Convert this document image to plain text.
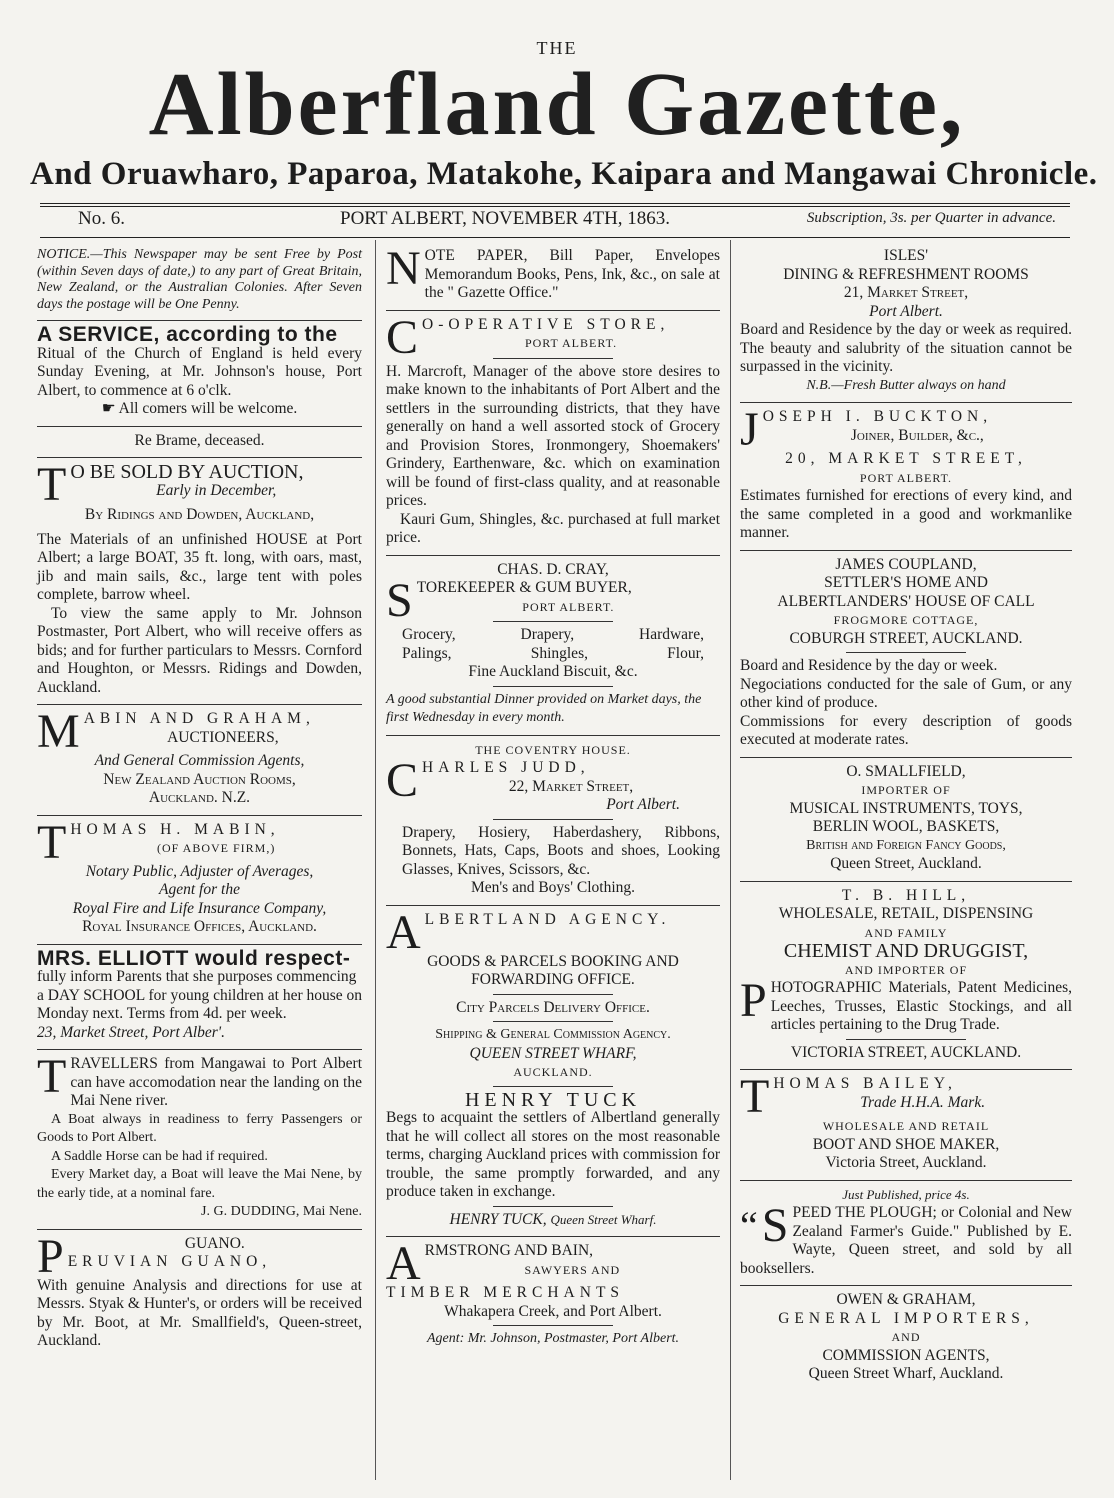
THE
Alberfland Gazette,
And Oruawharo, Paparoa, Matakohe, Kaipara and Mangawai Chronicle.
No. 6.	PORT ALBERT, NOVEMBER 4TH, 1863.	Subscription, 3s. per Quarter in advance.

NOTICE.—This Newspaper may be sent Free by Post (within Seven days of date,) to any part of Great Britain, New Zealand, or the Australian Colonies. After Seven days the postage will be One Penny.

A SERVICE, according to the

Ritual of the Church of England is held every Sunday Evening, at Mr. Johnson's house, Port Albert, to commence at 6 o'clk.

☛ All comers will be welcome.

Re Brame, deceased.

T O BE SOLD BY AUCTION,

Early in December,

By Ridings and Dowden, Auckland,

The Materials of an unfinished HOUSE at Port Albert; a large BOAT, 35 ft. long, with oars, mast, jib and main sails, &c., large tent with poles complete, barrow wheel.

To view the same apply to Mr. Johnson Postmaster, Port Albert, who will receive offers as bids; and for further particulars to Messrs. Cornford and Houghton, or Messrs. Ridings and Dowden, Auckland.

M ABIN AND GRAHAM,

AUCTIONEERS,

And General Commission Agents,

New Zealand Auction Rooms,

Auckland. N.Z.

T HOMAS H. MABIN,

(OF ABOVE FIRM,)

Notary Public, Adjuster of Averages,

Agent for the

Royal Fire and Life Insurance Company,

Royal Insurance Offices, Auckland.

MRS. ELLIOTT would respect-

fully inform Parents that she purposes commencing a DAY SCHOOL for young children at her house on Monday next. Terms from 4d. per week.

23, Market Street, Port Alber'.

T RAVELLERS from Mangawai to Port Albert can have accomodation near the landing on the Mai Nene river.

A Boat always in readiness to ferry Passengers or Goods to Port Albert.

A Saddle Horse can be had if required.

Every Market day, a Boat will leave the Mai Nene, by the early tide, at a nominal fare.

J. G. DUDDING, Mai Nene.

P	GUANO.

ERUVIAN GUANO,

With genuine Analysis and directions for use at Messrs. Styak & Hunter's, or orders will be received by Mr. Boot, at Mr. Smallfield's, Queen-street, Auckland.

N OTE PAPER, Bill Paper, Envelopes Memorandum Books, Pens, Ink, &c., on sale at the " Gazette Office."

C O-OPERATIVE STORE,

PORT ALBERT.

H. Marcroft, Manager of the above store desires to make known to the inhabitants of Port Albert and the settlers in the surrounding districts, that they have generally on hand a well assorted stock of Grocery and Provision Stores, Ironmongery, Shoemakers' Grindery, Earthenware, &c. which on examination will be found of first-class quality, and at reasonable prices.

Kauri Gum, Shingles, &c. purchased at full market price.

CHAS. D. CRAY,

S TOREKEEPER & GUM BUYER,

PORT ALBERT.

Grocery,	Drapery,	Hardware,
Palings,	Shingles,	Flour,

Fine Auckland Biscuit, &c.

A good substantial Dinner provided on Market days, the first Wednesday in every month.

THE COVENTRY HOUSE.

C HARLES JUDD,

22, Market Street,

Port Albert.

Drapery, Hosiery, Haberdashery, Ribbons, Bonnets, Hats, Caps, Boots and shoes, Looking Glasses, Knives, Scissors, &c.

Men's and Boys' Clothing.

A LBERTLAND AGENCY.

GOODS & PARCELS BOOKING AND FORWARDING OFFICE.

City Parcels Delivery Office.

Shipping & General Commission Agency.

QUEEN STREET WHARF,

AUCKLAND.

HENRY TUCK

Begs to acquaint the settlers of Albertland generally that he will collect all stores on the most reasonable terms, charging Auckland prices with commission for trouble, the same promptly forwarded, and any produce taken in exchange.

HENRY TUCK, Queen Street Wharf.

A RMSTRONG AND BAIN,

SAWYERS AND

TIMBER MERCHANTS

Whakapera Creek, and Port Albert.

Agent: Mr. Johnson, Postmaster, Port Albert.

ISLES'

DINING & REFRESHMENT ROOMS

21, Market Street,

Port Albert.

Board and Residence by the day or week as required. The beauty and salubrity of the situation cannot be surpassed in the vicinity.

N.B.—Fresh Butter always on hand

J OSEPH I. BUCKTON,

Joiner, Builder, &c.,

20, MARKET STREET,

PORT ALBERT.

Estimates furnished for erections of every kind, and the same completed in a good and workmanlike manner.

JAMES COUPLAND,

SETTLER'S HOME AND

ALBERTLANDERS' HOUSE OF CALL

FROGMORE COTTAGE,

COBURGH STREET, AUCKLAND.

Board and Residence by the day or week.

Negociations conducted for the sale of Gum, or any other kind of produce.

Commissions for every description of goods executed at moderate rates.

O. SMALLFIELD,

IMPORTER OF

MUSICAL INSTRUMENTS, TOYS,

BERLIN WOOL, BASKETS,

British and Foreign Fancy Goods,

Queen Street, Auckland.

T. B. HILL,

WHOLESALE, RETAIL, DISPENSING

AND FAMILY

CHEMIST AND DRUGGIST,

AND IMPORTER OF

P HOTOGRAPHIC Materials, Patent Medicines, Leeches, Trusses, Elastic Stockings, and all articles pertaining to the Drug Trade.

VICTORIA STREET, AUCKLAND.

T HOMAS BAILEY,

Trade H.H.A. Mark.

WHOLESALE AND RETAIL

BOOT AND SHOE MAKER,

Victoria Street, Auckland.

Just Published, price 4s.

“ S PEED THE PLOUGH; or Colonial and New Zealand Farmer's Guide." Published by E. Wayte, Queen street, and sold by all booksellers.

OWEN & GRAHAM,

GENERAL IMPORTERS,

AND

COMMISSION AGENTS,

Queen Street Wharf, Auckland.
